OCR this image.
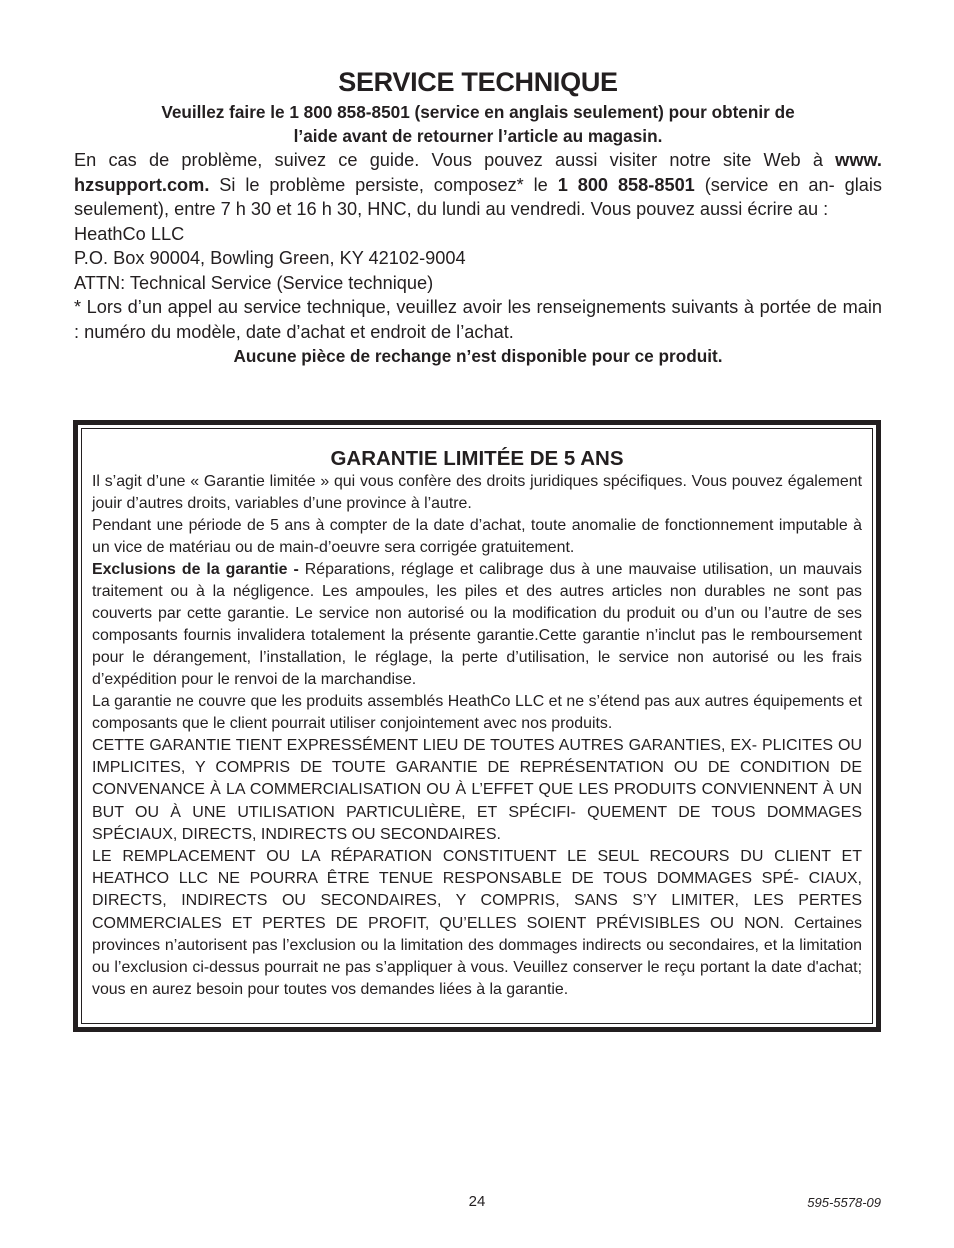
SERVICE TECHNIQUE

Veuillez faire le 1 800 858-8501 (service en anglais seulement) pour obtenir de

l’aide avant de retourner l’article au magasin.

En cas de problème, suivez ce guide. Vous pouvez aussi visiter notre site Web à www. hzsupport.com. Si le problème persiste, composez* le 1 800 858-8501 (service en an- glais seulement), entre 7 h 30 et 16 h 30, HNC, du lundi au vendredi. Vous pouvez aussi écrire au :

HeathCo LLC

P.O. Box 90004, Bowling Green, KY 42102-9004

ATTN: Technical Service (Service technique)

* Lors d’un appel au service technique, veuillez avoir les renseignements suivants à portée de main : numéro du modèle, date d’achat et endroit de l’achat.

Aucune pièce de rechange n’est disponible pour ce produit.

GARANTIE LIMITÉE DE 5 ANS

Il s’agit d’une « Garantie limitée » qui vous confère des droits juridiques spécifiques. Vous pouvez également jouir d’autres droits, variables d’une province à l’autre.

Pendant une période de 5 ans à compter de la date d’achat, toute anomalie de fonctionnement imputable à un vice de matériau ou de main-d’oeuvre sera corrigée gratuitement.

Exclusions de la garantie - Réparations, réglage et calibrage dus à une mauvaise utilisation, un mauvais traitement ou à la négligence. Les ampoules, les piles et des autres articles non durables ne sont pas couverts par cette garantie. Le service non autorisé ou la modification du produit ou d’un ou l’autre de ses composants fournis invalidera totalement la présente garantie.Cette garantie n’inclut pas le remboursement pour le dérangement, l’installation, le réglage, la perte d’utilisation, le service non autorisé ou les frais d’expédition pour le renvoi de la marchandise.

La garantie ne couvre que les produits assemblés HeathCo LLC et ne s’étend pas aux autres équipements et composants que le client pourrait utiliser conjointement avec nos produits.

CETTE GARANTIE TIENT EXPRESSÉMENT LIEU DE TOUTES AUTRES GARANTIES, EX- PLICITES OU IMPLICITES, Y COMPRIS DE TOUTE GARANTIE DE REPRÉSENTATION OU DE CONDITION DE CONVENANCE À LA COMMERCIALISATION OU À L’EFFET QUE LES PRODUITS CONVIENNENT À UN BUT OU À UNE UTILISATION PARTICULIÈRE, ET SPÉCIFI- QUEMENT DE TOUS DOMMAGES SPÉCIAUX, DIRECTS, INDIRECTS OU SECONDAIRES.

LE REMPLACEMENT OU LA RÉPARATION CONSTITUENT LE SEUL RECOURS DU CLIENT ET HEATHCO LLC NE POURRA ÊTRE TENUE RESPONSABLE DE TOUS DOMMAGES SPÉ- CIAUX, DIRECTS, INDIRECTS OU SECONDAIRES, Y COMPRIS, SANS S’Y LIMITER, LES PERTES COMMERCIALES ET PERTES DE PROFIT, QU’ELLES SOIENT PRÉVISIBLES OU NON. Certaines provinces n’autorisent pas l’exclusion ou la limitation des dommages indirects ou secondaires, et la limitation ou l’exclusion ci-dessus pourrait ne pas s’appliquer à vous. Veuillez conserver le reçu portant la date d'achat; vous en aurez besoin pour toutes vos demandes liées à la garantie.

24	595-5578-09
